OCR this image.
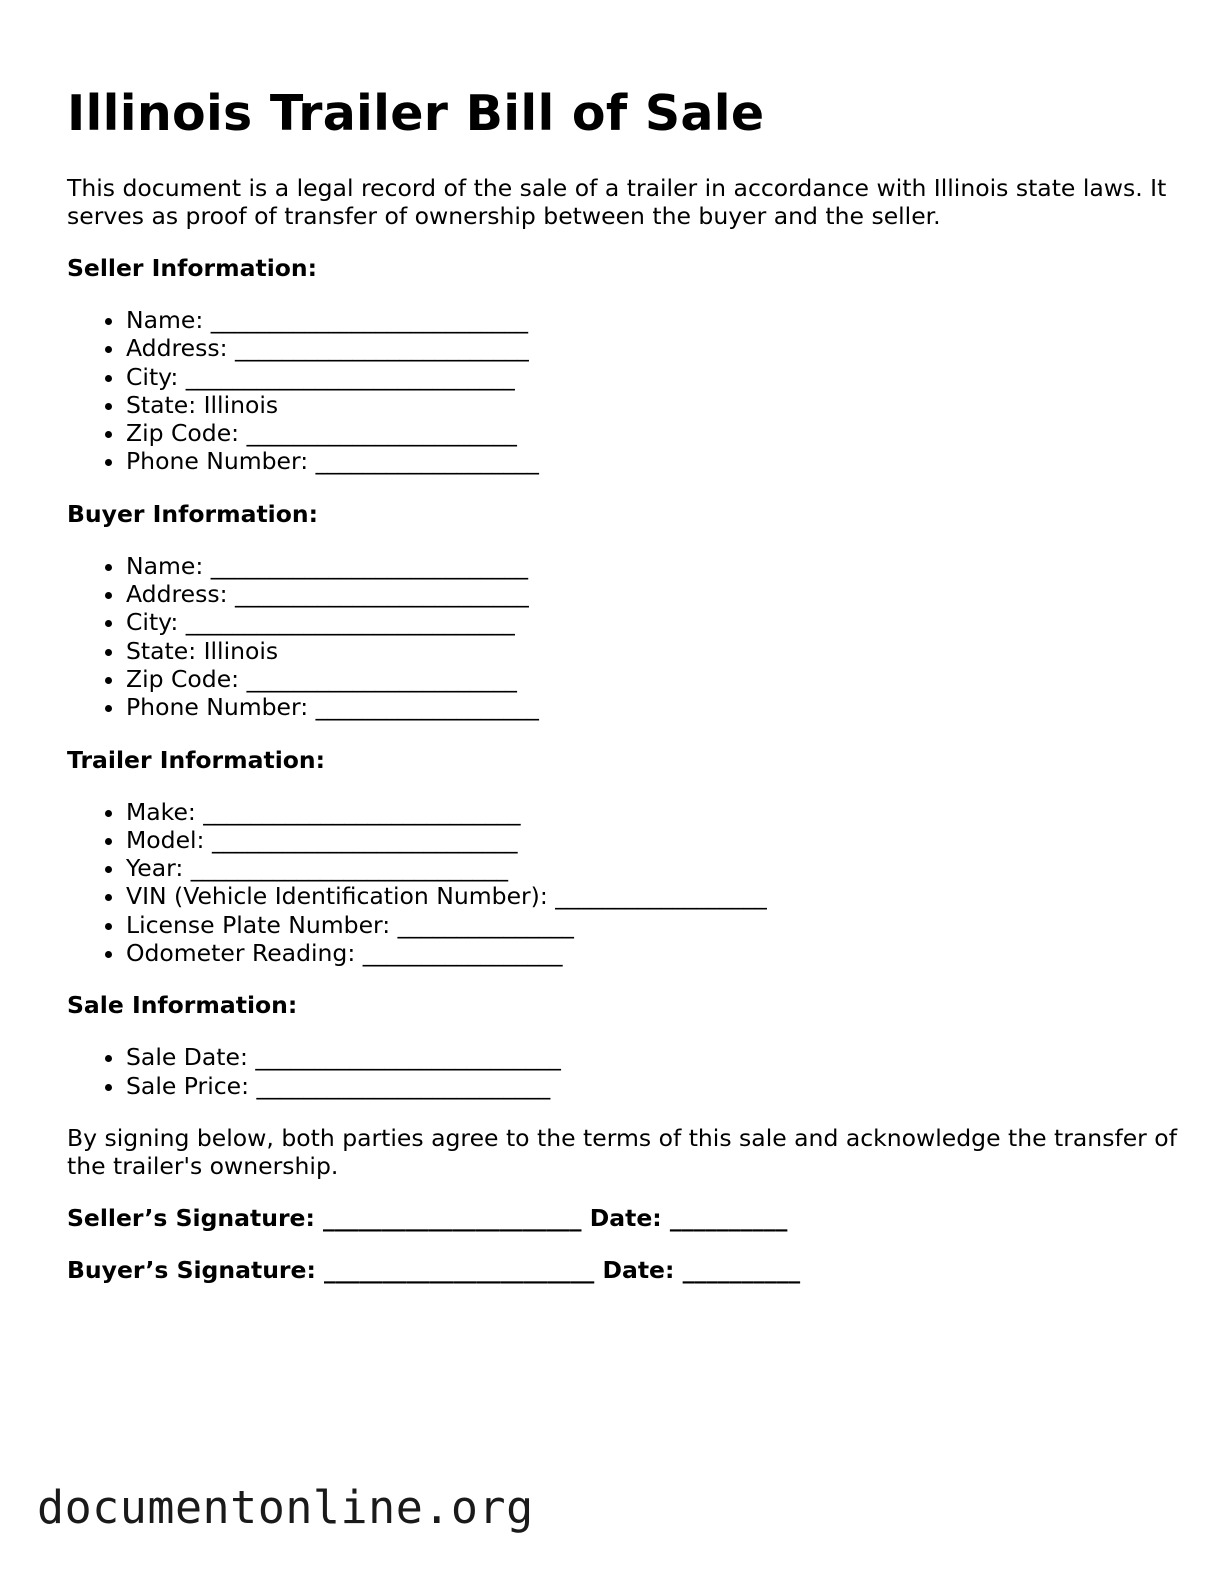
Illinois Trailer Bill of Sale

This document is a legal record of the sale of a trailer in accordance with Illinois state laws. It serves as proof of transfer of ownership between the buyer and the seller.

Seller Information:
• Name: ___________________________
• Address: _________________________
• City: ____________________________
• State: Illinois
• Zip Code: _______________________
• Phone Number: ___________________
Buyer Information:
• Name: ___________________________
• Address: _________________________
• City: ____________________________
• State: Illinois
• Zip Code: _______________________
• Phone Number: ___________________
Trailer Information:
• Make: ___________________________
• Model: __________________________
• Year: ___________________________
• VIN (Vehicle Identification Number): __________________
• License Plate Number: _______________
• Odometer Reading: _________________
Sale Information:
• Sale Date: __________________________
• Sale Price: _________________________

By signing below, both parties agree to the terms of this sale and acknowledge the transfer of the trailer's ownership.

Seller’s Signature: ______________________ Date: __________
Buyer’s Signature: _______________________ Date: __________
documentonline.org
